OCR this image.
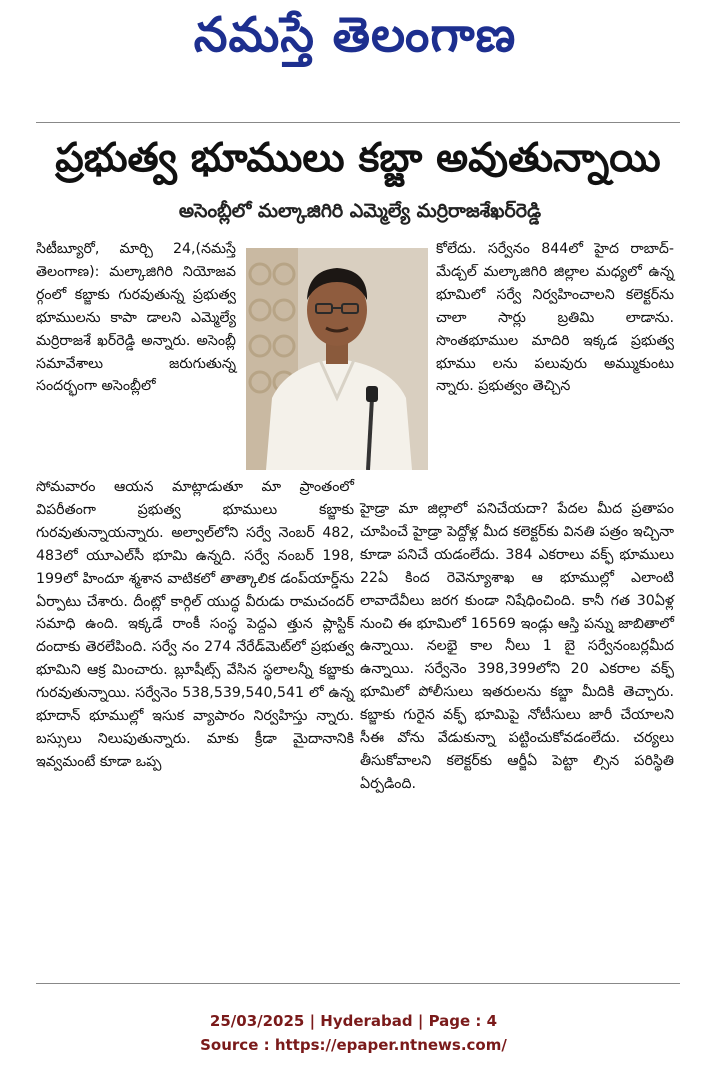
నమస్తే తెలంగాణ
ప్రభుత్వ భూములు కబ్జా అవుతున్నాయి
అసెంబ్లీలో మల్కాజిగిరి ఎమ్మెల్యే మర్రిరాజశేఖర్‌రెడ్డి

సిటీబ్యూరో, మార్చి 24,(నమస్తే తెలంగాణ): మల్కాజిగిరి నియోజవ ర్గంలో కబ్జాకు గురవుతున్న ప్రభుత్వ భూములను కాపా డాలని ఎమ్మెల్యే మర్రిరాజశే ఖర్‌రెడ్డి అన్నారు. అసెంబ్లీ సమావేశాలు జరుగుతున్న సందర్భంగా అసెంబ్లీలో

కోలేదు. సర్వేనం 844లో హైద రాబాద్- మేడ్చల్ మల్కాజిగిరి జిల్లాల మధ్యలో ఉన్న భూమిలో సర్వే నిర్వహించాలని కలెక్టర్‌ను చాలా సార్లు బ్రతిమి లాడాను. సొంతభూముల మాదిరి ఇక్కడ ప్రభుత్వ భూము లను పలువురు అమ్ముకుంటు న్నారు. ప్రభుత్వం తెచ్చిన

సోమవారం ఆయన మాట్లాడుతూ మా ప్రాంతంలో విపరీతంగా ప్రభుత్వ భూములు కబ్జాకు గురవుతున్నాయన్నారు. అల్వాల్‌లోని సర్వే నెంబర్ 482, 483లో యూఎల్‌సీ భూమి ఉన్నది. సర్వే నంబర్ 198, 199లో హిందూ శ్మశాన వాటికలో తాత్కాలిక డంప్‌యార్డ్‌ను ఏర్పాటు చేశారు. దీంట్లో కార్గిల్ యుద్ధ వీరుడు రామచందర్ సమాధి ఉంది. ఇక్కడే రాంకీ సంస్థ పెద్దఎ త్తున ప్లాస్టిక్ దందాకు తెరలేపింది. సర్వే నం 274 నేరేడ్‌మెట్‌లో ప్రభుత్వ భూమిని ఆక్ర మించారు. బ్లూషీట్స్ వేసిన స్థలాలన్నీ కబ్జాకు గురవుతున్నాయి. సర్వేనెం 538,539,540,541 లో ఉన్న భూదాన్ భూముల్లో ఇసుక వ్యాపారం నిర్వహిస్తు న్నారు. బస్సులు నిలుపుతున్నారు. మాకు క్రీడా మైదానానికి ఇవ్వమంటే కూడా ఒప్ప

హైడ్రా మా జిల్లాలో పనిచేయదా? పేదల మీద ప్రతాపం చూపించే హైడ్రా పెద్దోళ్ల మీద కలెక్టర్‌కు వినతి పత్రం ఇచ్చినా కూడా పనిచే యడంలేదు. 384 ఎకరాలు వక్ఫ్ భూములు 22ఏ కింద రెవెన్యూశాఖ ఆ భూముల్లో ఎలాంటి లావాదేవీలు జరగ కుండా నిషేధించింది. కానీ గత 30ఏళ్ల నుంచి ఈ భూమిలో 16569 ఇండ్లు ఆస్తి పన్ను జాబితాలో ఉన్నాయి. నలభై కాల నీలు 1 బై సర్వేనంబర్లమీద ఉన్నాయి. సర్వేనెం 398,399లోని 20 ఎకరాల వక్ఫ్ భూమిలో పోలీసులు ఇతరులను కబ్జా మీదికి తెచ్చారు. కబ్జాకు గురైన వక్ఫ్ భూమిపై నోటీసులు జారీ చేయాలని సీఈ వోను వేడుకున్నా పట్టించుకోవడంలేదు. చర్యలు తీసుకోవాలని కలెక్టర్‌కు ఆర్జీఏ పెట్టా ల్సిన పరిస్థితి ఏర్పడింది.

25/03/2025 | Hyderabad | Page : 4
Source : https://epaper.ntnews.com/
